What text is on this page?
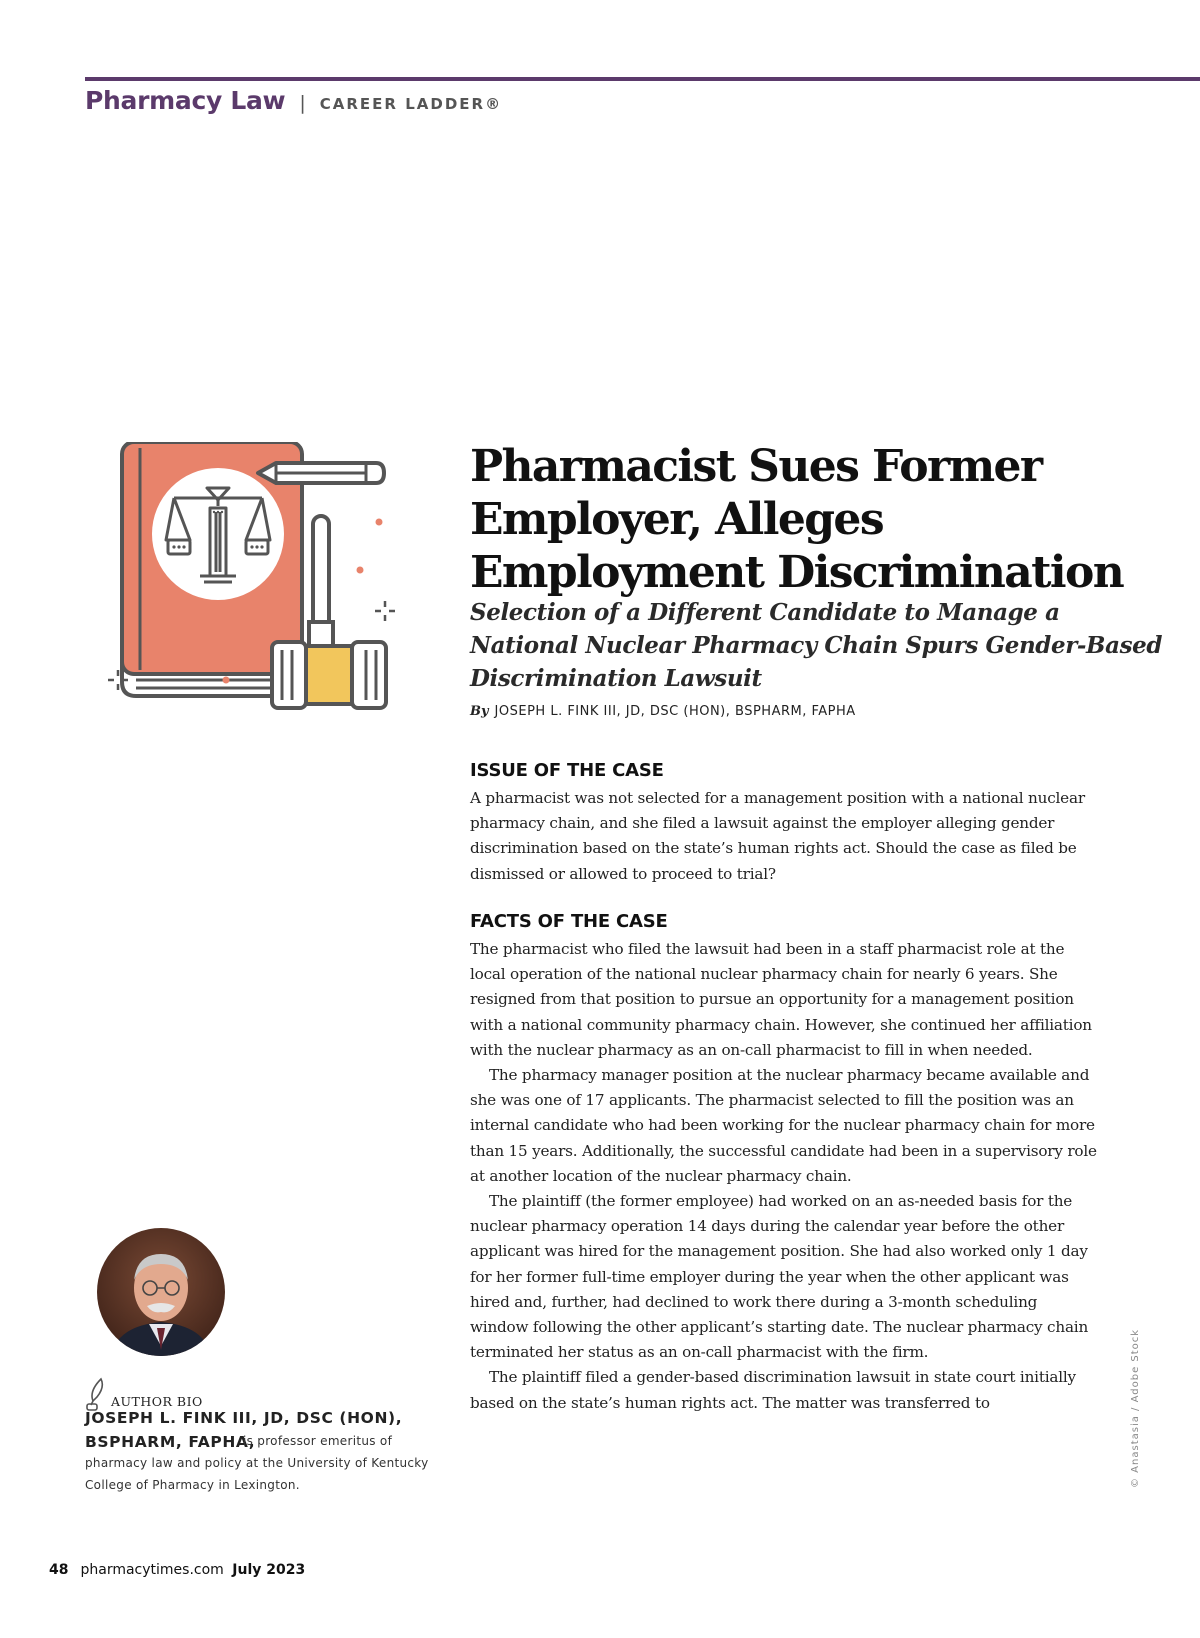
Pharmacy Law | CAREER LADDER®
Pharmacist Sues Former Employer, Alleges Employment Discrimination
Selection of a Different Candidate to Manage a National Nuclear Pharmacy Chain Spurs Gender-Based Discrimination Lawsuit
By JOSEPH L. FINK III, JD, DSC (HON), BSPHARM, FAPHA
ISSUE OF THE CASE

A pharmacist was not selected for a management position with a national nuclear pharmacy chain, and she filed a lawsuit against the employer alleging gender discrimination based on the state’s human rights act. Should the case as filed be dismissed or allowed to proceed to trial?

FACTS OF THE CASE

The pharmacist who filed the lawsuit had been in a staff pharmacist role at the local operation of the national nuclear pharmacy chain for nearly 6 years. She resigned from that position to pursue an opportunity for a management position with a national community pharmacy chain. However, she continued her affiliation with the nuclear pharmacy as an on-call pharmacist to fill in when needed.

The pharmacy manager position at the nuclear pharmacy became available and she was one of 17 applicants. The pharmacist selected to fill the position was an internal candidate who had been working for the nuclear pharmacy chain for more than 15 years. Additionally, the successful candidate had been in a supervisory role at another location of the nuclear pharmacy chain.

The plaintiff (the former employee) had worked on an as-needed basis for the nuclear pharmacy operation 14 days during the calendar year before the other applicant was hired for the management position. She had also worked only 1 day for her former full-time employer during the year when the other applicant was hired and, further, had declined to work there during a 3-month scheduling window following the other applicant’s starting date. The nuclear pharmacy chain terminated her status as an on-call pharmacist with the firm.

The plaintiff filed a gender-based discrimination lawsuit in state court initially based on the state’s human rights act. The matter was transferred to

AUTHOR BIO
JOSEPH L. FINK III, JD, DSC (HON), BSPHARM, FAPHA,
is professor emeritus of pharmacy law and policy at the University of Kentucky College of Pharmacy in Lexington.	© Anastasia / Adobe Stock
48 pharmacytimes.com July 2023
